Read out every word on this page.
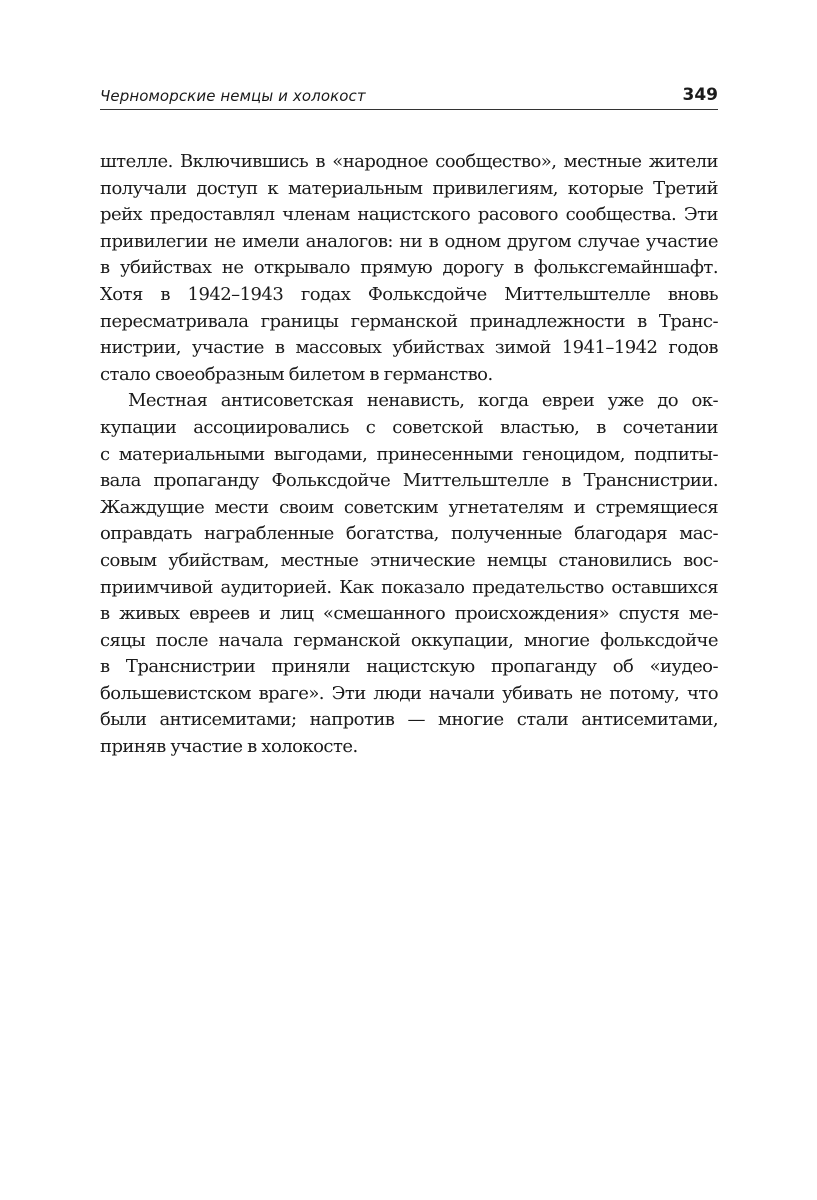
Черноморские немцы и холокост	349
штелле. Включившись в «народное сообщество», местные жители
получали доступ к материальным привилегиям, которые Третий
рейх предоставлял членам нацистского расового сообщества. Эти
привилегии не имели аналогов: ни в одном другом случае участие
в убийствах не открывало прямую дорогу в фольксгемайншафт.
Хотя в 1942–1943 годах Фольксдойче Миттельштелле вновь
пересматривала границы германской принадлежности в Транс-
нистрии, участие в массовых убийствах зимой 1941–1942 годов
стало своеобразным билетом в германство.
Местная антисоветская ненависть, когда евреи уже до ок-
купации ассоциировались с советской властью, в сочетании
с материальными выгодами, принесенными геноцидом, подпиты-
вала пропаганду Фольксдойче Миттельштелле в Транснистрии.
Жаждущие мести своим советским угнетателям и стремящиеся
оправдать награбленные богатства, полученные благодаря мас-
совым убийствам, местные этнические немцы становились вос-
приимчивой аудиторией. Как показало предательство оставшихся
в живых евреев и лиц «смешанного происхождения» спустя ме-
сяцы после начала германской оккупации, многие фольксдойче
в Транснистрии приняли нацистскую пропаганду об «иудео-
большевистском враге». Эти люди начали убивать не потому, что
были антисемитами; напротив — многие стали антисемитами,
приняв участие в холокосте.
